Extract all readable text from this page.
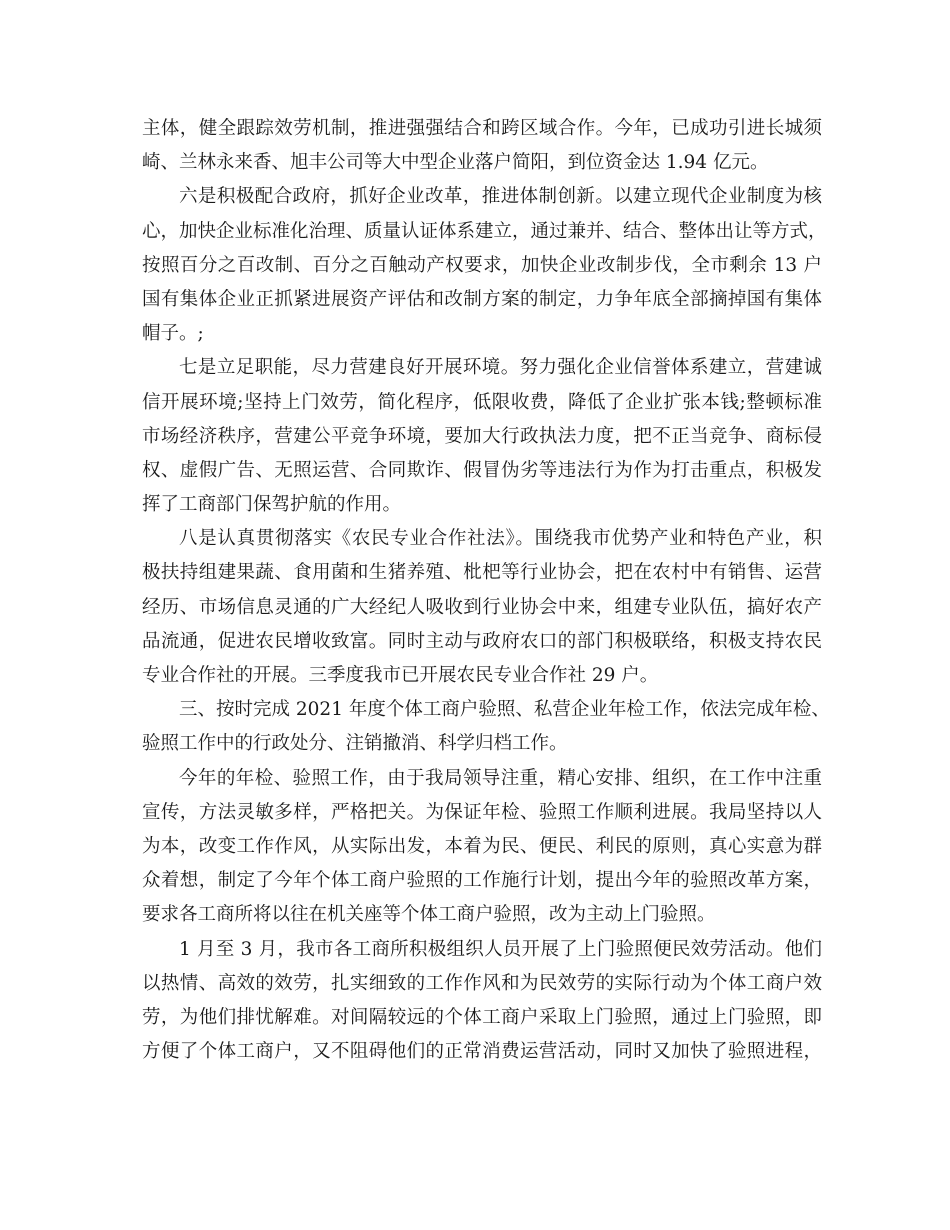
主体，健全跟踪效劳机制，推进强强结合和跨区域合作。今年，已成功引进长城须
崎、兰林永来香、旭丰公司等大中型企业落户简阳，到位资金达 1.94 亿元。
六是积极配合政府，抓好企业改革，推进体制创新。以建立现代企业制度为核
心，加快企业标准化治理、质量认证体系建立，通过兼并、结合、整体出让等方式，
按照百分之百改制、百分之百触动产权要求，加快企业改制步伐，全市剩余 13 户
国有集体企业正抓紧进展资产评估和改制方案的制定，力争年底全部摘掉国有集体
帽子。;
七是立足职能，尽力营建良好开展环境。努力强化企业信誉体系建立，营建诚
信开展环境;坚持上门效劳，简化程序，低限收费，降低了企业扩张本钱;整顿标准
市场经济秩序，营建公平竞争环境，要加大行政执法力度，把不正当竞争、商标侵
权、虚假广告、无照运营、合同欺诈、假冒伪劣等违法行为作为打击重点，积极发
挥了工商部门保驾护航的作用。
八是认真贯彻落实《农民专业合作社法》。围绕我市优势产业和特色产业，积
极扶持组建果蔬、食用菌和生猪养殖、枇杷等行业协会，把在农村中有销售、运营
经历、市场信息灵通的广大经纪人吸收到行业协会中来，组建专业队伍，搞好农产
品流通，促进农民增收致富。同时主动与政府农口的部门积极联络，积极支持农民
专业合作社的开展。三季度我市已开展农民专业合作社 29 户。
三、按时完成 2021 年度个体工商户验照、私营企业年检工作，依法完成年检、
验照工作中的行政处分、注销撤消、科学归档工作。
今年的年检、验照工作，由于我局领导注重，精心安排、组织，在工作中注重
宣传，方法灵敏多样，严格把关。为保证年检、验照工作顺利进展。我局坚持以人
为本，改变工作作风，从实际出发，本着为民、便民、利民的原则，真心实意为群
众着想，制定了今年个体工商户验照的工作施行计划，提出今年的验照改革方案，
要求各工商所将以往在机关座等个体工商户验照，改为主动上门验照。
1 月至 3 月，我市各工商所积极组织人员开展了上门验照便民效劳活动。他们
以热情、高效的效劳，扎实细致的工作作风和为民效劳的实际行动为个体工商户效
劳，为他们排忧解难。对间隔较远的个体工商户采取上门验照，通过上门验照，即
方便了个体工商户，又不阻碍他们的正常消费运营活动，同时又加快了验照进程，
